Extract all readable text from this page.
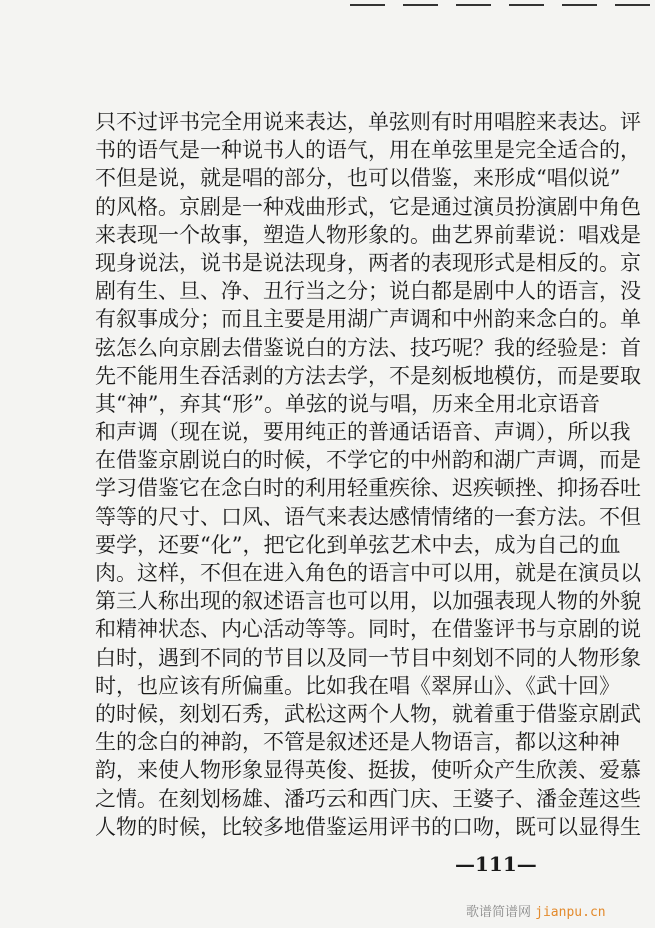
只不过评书完全用说来表达，单弦则有时用唱腔来表达。评
书的语气是一种说书人的语气，用在单弦里是完全适合的，
不但是说，就是唱的部分，也可以借鉴，来形成“唱似说”
的风格。京剧是一种戏曲形式，它是通过演员扮演剧中角色
来表现一个故事，塑造人物形象的。曲艺界前辈说：唱戏是
现身说法，说书是说法现身，两者的表现形式是相反的。京
剧有生、旦、净、丑行当之分；说白都是剧中人的语言，没
有叙事成分；而且主要是用湖广声调和中州韵来念白的。单
弦怎么向京剧去借鉴说白的方法、技巧呢？我的经验是：首
先不能用生吞活剥的方法去学，不是刻板地模仿，而是要取
其“神”，弃其“形”。单弦的说与唱，历来全用北京语音
和声调（现在说，要用纯正的普通话语音、声调），所以我
在借鉴京剧说白的时候，不学它的中州韵和湖广声调，而是
学习借鉴它在念白时的利用轻重疾徐、迟疾顿挫、抑扬吞吐
等等的尺寸、口风、语气来表达感情情绪的一套方法。不但
要学，还要“化”，把它化到单弦艺术中去，成为自己的血
肉。这样，不但在进入角色的语言中可以用，就是在演员以
第三人称出现的叙述语言也可以用，以加强表现人物的外貌
和精神状态、内心活动等等。同时，在借鉴评书与京剧的说
白时，遇到不同的节目以及同一节目中刻划不同的人物形象
时，也应该有所偏重。比如我在唱《翠屏山》、《武十回》
的时候，刻划石秀，武松这两个人物，就着重于借鉴京剧武
生的念白的神韵，不管是叙述还是人物语言，都以这种神
韵，来使人物形象显得英俊、挺拔，使听众产生欣羡、爱慕
之情。在刻划杨雄、潘巧云和西门庆、王婆子、潘金莲这些
人物的时候，比较多地借鉴运用评书的口吻，既可以显得生
—111—
歌谱简谱网 jianpu.cn
